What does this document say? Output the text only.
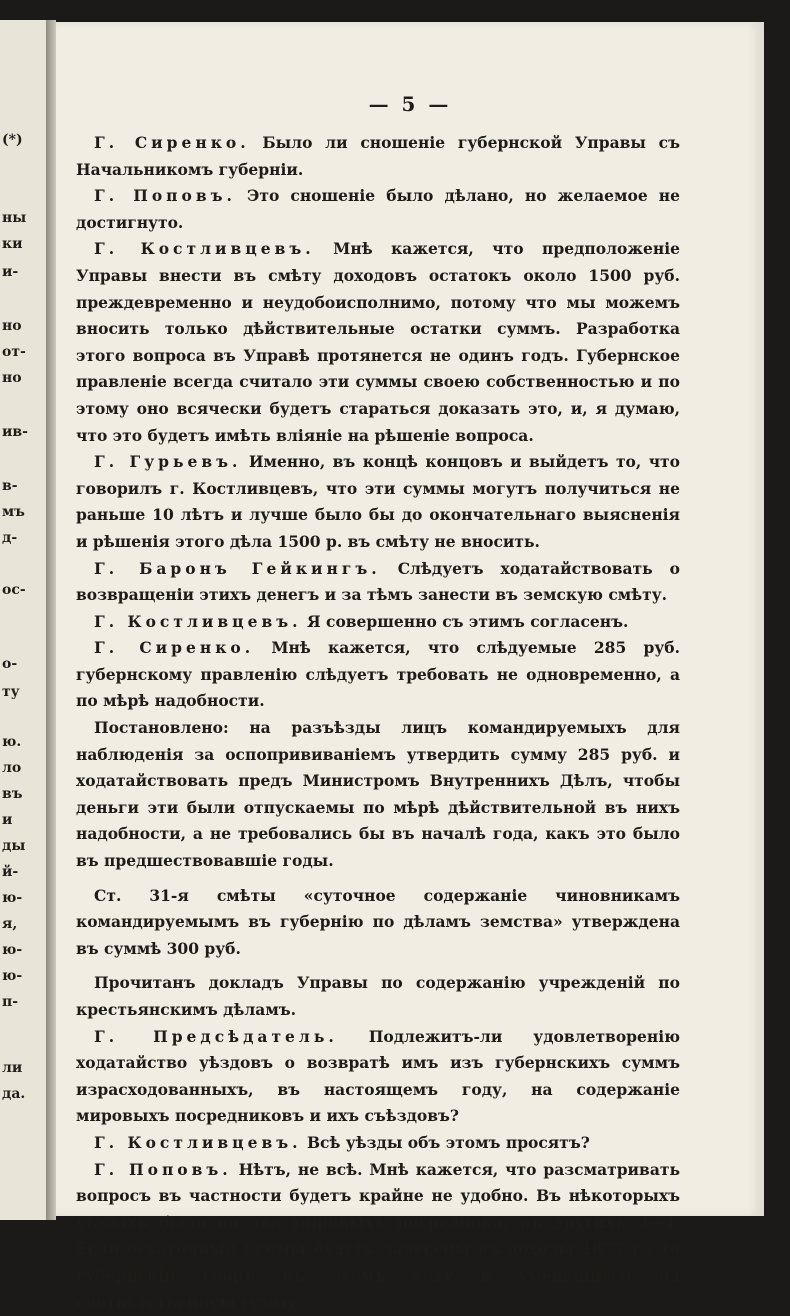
(*)
ны
ки
и-
но
от-
но
ив-
в-
мъ
д-
ос-
о-
ту
ю.
ло
въ
и
ды
й-
ю-
я,
ю-
ю-
п-
ли
да.
— 5 —

Г. Сиренко. Было ли сношеніе губернской Управы съ Начальникомъ губерніи.

Г. Поповъ. Это сношеніе было дѣлано, но желаемое не достигнуто.

Г. Костливцевъ. Мнѣ кажется, что предположеніе Управы внести въ смѣту доходовъ остатокъ около 1500 руб. преждевременно и неудобоисполнимо, потому что мы можемъ вносить только дѣйствительные остатки суммъ. Разработка этого вопроса въ Управѣ протянется не одинъ годъ. Губернское правленіе всегда считало эти суммы своею собственностью и по этому оно всячески будетъ стараться доказать это, и, я думаю, что это будетъ имѣть вліяніе на рѣшеніе вопроса.

Г. Гурьевъ. Именно, въ концѣ концовъ и выйдетъ то, что говорилъ г. Костливцевъ, что эти суммы могутъ получиться не раньше 10 лѣтъ и лучше было бы до окончательнаго выясненія и рѣшенія этого дѣла 1500 р. въ смѣту не вносить.

Г. Баронъ Гейкингъ. Слѣдуетъ ходатайствовать о возвращеніи этихъ денегъ и за тѣмъ занести въ земскую смѣту.

Г. Костливцевъ. Я совершенно съ этимъ согласенъ.

Г. Сиренко. Мнѣ кажется, что слѣдуемые 285 руб. губернскому правленію слѣдуетъ требовать не одновременно, а по мѣрѣ надобности.

Постановлено: на разъѣзды лицъ командируемыхъ для наблюденія за оспопрививаніемъ утвердить сумму 285 руб. и ходатайствовать предъ Министромъ Внутреннихъ Дѣлъ, чтобы деньги эти были отпускаемы по мѣрѣ дѣйствительной въ нихъ надобности, а не требовались бы въ началѣ года, какъ это было въ предшествовавшіе годы.

Ст. 31-я смѣты «суточное содержаніе чиновникамъ командируемымъ въ губернію по дѣламъ земства» утверждена въ суммѣ 300 руб.

Прочитанъ докладъ Управы по содержанію учрежденій по крестьянскимъ дѣламъ.

Г. Предсѣдатель. Подлежитъ-ли удовлетворенію ходатайство уѣздовъ о возвратѣ имъ изъ губернскихъ суммъ израсходованныхъ, въ настоящемъ году, на содержаніе мировыхъ посредниковъ и ихъ съѣздовъ?

Г. Костливцевъ. Всѣ уѣзды объ этомъ просятъ?

Г. Поповъ. Нѣтъ, не всѣ. Мнѣ кажется, что разсматривать вопросъ въ частности будетъ крайне не удобно. Въ нѣкоторыхъ уѣздахъ было по два мировыхъ посредника, въ другихъ 3—4. Если остаточныя суммы будутъ занесены въ доходы 1877 г., то губернскій сборъ въ этомъ году и уменьшится на соотвѣтственную сумму.
